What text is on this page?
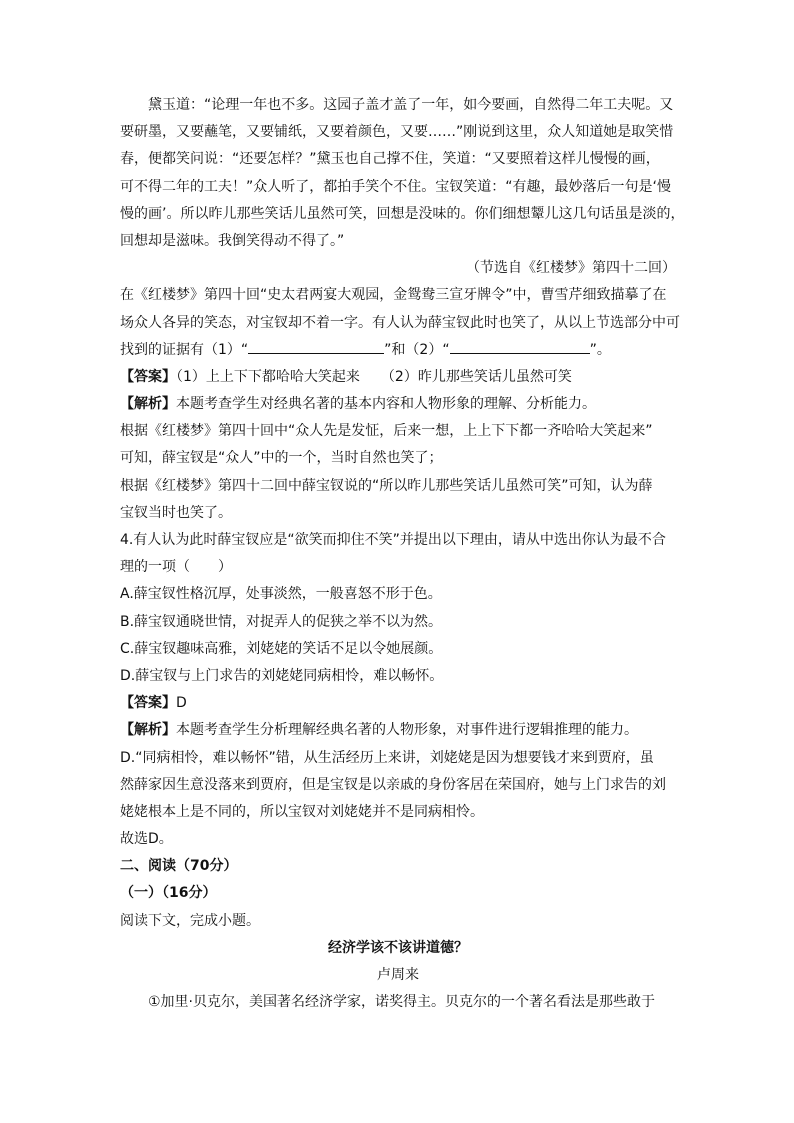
黛玉道：“论理一年也不多。这园子盖才盖了一年，如今要画，自然得二年工夫呢。又
要研墨，又要蘸笔，又要铺纸，又要着颜色，又要……”刚说到这里，众人知道她是取笑惜
春，便都笑问说：“还要怎样？”黛玉也自己撑不住，笑道：“又要照着这样儿慢慢的画，
可不得二年的工夫！”众人听了，都拍手笑个不住。宝钗笑道：“有趣，最妙落后一句是‘慢
慢的画’。所以昨儿那些笑话儿虽然可笑，回想是没味的。你们细想颦儿这几句话虽是淡的，
回想却是滋味。我倒笑得动不得了。”
（节选自《红楼梦》第四十二回）
在《红楼梦》第四十回“史太君两宴大观园，金鸳鸯三宣牙牌令”中，曹雪芹细致描摹了在
场众人各异的笑态，对宝钗却不着一字。有人认为薛宝钗此时也笑了，从以上节选部分中可
找到的证据有（1）“	”和（2）“	”。
【答案】（1）上上下下都哈哈大笑起来　　（2）昨儿那些笑话儿虽然可笑
【解析】本题考查学生对经典名著的基本内容和人物形象的理解、分析能力。
根据《红楼梦》第四十回中“众人先是发怔，后来一想，上上下下都一齐哈哈大笑起来”
可知，薛宝钗是“众人”中的一个，当时自然也笑了；
根据《红楼梦》第四十二回中薛宝钗说的“所以昨儿那些笑话儿虽然可笑”可知，认为薛
宝钗当时也笑了。
4.有人认为此时薛宝钗应是“欲笑而抑住不笑”并提出以下理由，请从中选出你认为最不合
理的一项（　　）
A.薛宝钗性格沉厚，处事淡然，一般喜怒不形于色。
B.薛宝钗通晓世情，对捉弄人的促狭之举不以为然。
C.薛宝钗趣味高雅，刘姥姥的笑话不足以令她展颜。
D.薛宝钗与上门求告的刘姥姥同病相怜，难以畅怀。
【答案】D
【解析】本题考查学生分析理解经典名著的人物形象，对事件进行逻辑推理的能力。
D.“同病相怜，难以畅怀”错，从生活经历上来讲，刘姥姥是因为想要钱才来到贾府，虽
然薛家因生意没落来到贾府，但是宝钗是以亲戚的身份客居在荣国府，她与上门求告的刘
姥姥根本上是不同的，所以宝钗对刘姥姥并不是同病相怜。
故选D。
二、阅读（70分）
（一）（16分）
阅读下文，完成小题。
经济学该不该讲道德？
卢周来
①加里·贝克尔，美国著名经济学家，诺奖得主。贝克尔的一个著名看法是那些敢于
